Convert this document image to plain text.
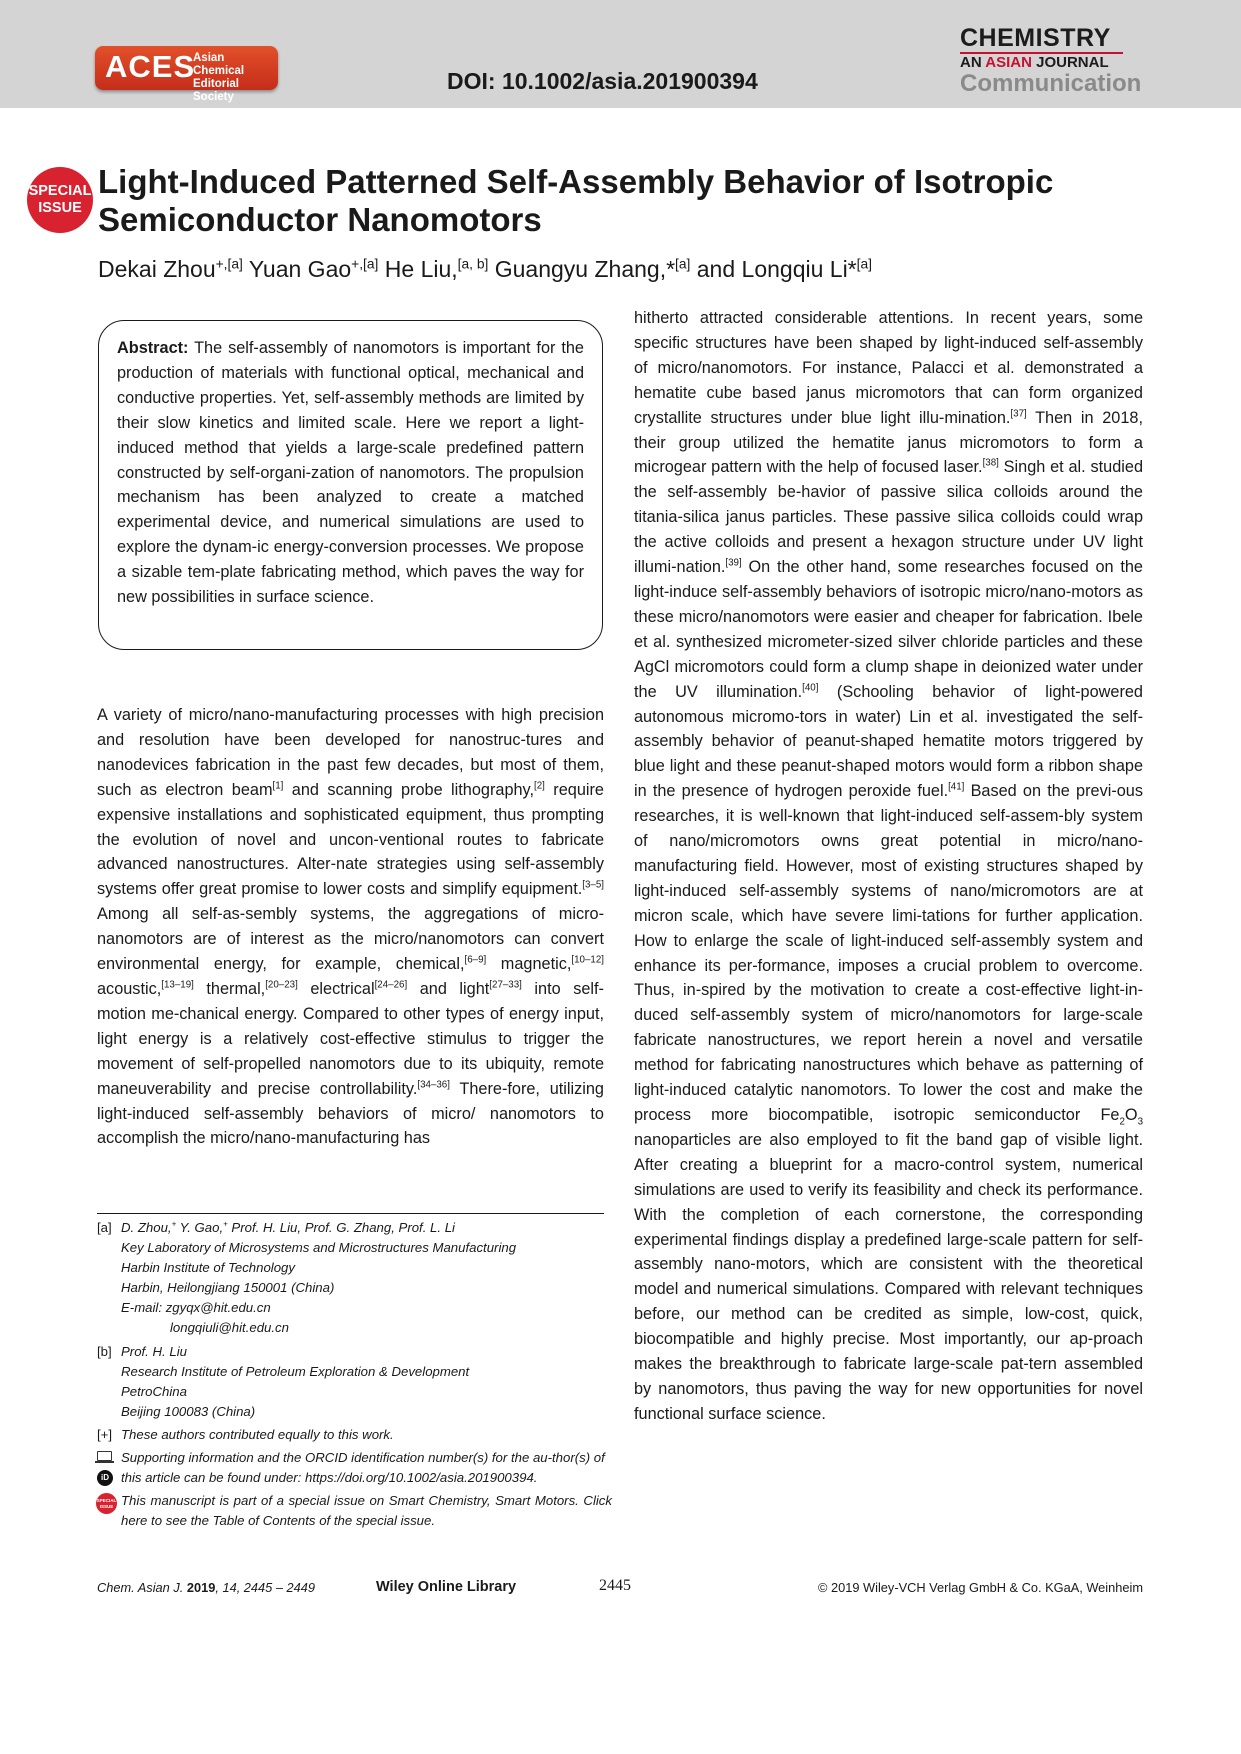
ACES
Asian Chemical
Editorial Society
DOI: 10.1002/asia.201900394
CHEMISTRY
AN ASIAN JOURNAL
Communication
SPECIAL
ISSUE
Light-Induced Patterned Self-Assembly Behavior of Isotropic
Semiconductor Nanomotors
Dekai Zhou$^{+,[a]}$ Yuan Gao$^{+,[a]}$ He Liu,[a, b] Guangyu Zhang,*[a] and Longqiu Li*[a]

Abstract: The self-assembly of nanomotors is important for the production of materials with functional optical, mechanical and conductive properties. Yet, self-assembly methods are limited by their slow kinetics and limited scale. Here we report a light-induced method that yields a large-scale predefined pattern constructed by self-organi-zation of nanomotors. The propulsion mechanism has been analyzed to create a matched experimental device, and numerical simulations are used to explore the dynam-ic energy-conversion processes. We propose a sizable tem-plate fabricating method, which paves the way for new possibilities in surface science.

A variety of micro/nano-manufacturing processes with high precision and resolution have been developed for nanostruc-tures and nanodevices fabrication in the past few decades, but most of them, such as electron beam[1] and scanning probe lithography,[2] require expensive installations and sophisticated equipment, thus prompting the evolution of novel and uncon-ventional routes to fabricate advanced nanostructures. Alter-nate strategies using self-assembly systems offer great promise to lower costs and simplify equipment.[3–5] Among all self-as-sembly systems, the aggregations of micro-nanomotors are of interest as the micro/nanomotors can convert environmental energy, for example, chemical,[6–9] magnetic,[10–12] acoustic,[13–19] thermal,[20–23] electrical[24–26] and light[27–33] into self-motion me-chanical energy. Compared to other types of energy input, light energy is a relatively cost-effective stimulus to trigger the movement of self-propelled nanomotors due to its ubiquity, remote maneuverability and precise controllability.[34–36] There-fore, utilizing light-induced self-assembly behaviors of micro/ nanomotors to accomplish the micro/nano-manufacturing has

hitherto attracted considerable attentions. In recent years, some specific structures have been shaped by light-induced self-assembly of micro/nanomotors. For instance, Palacci et al. demonstrated a hematite cube based janus micromotors that can form organized crystallite structures under blue light illu-mination.[37] Then in 2018, their group utilized the hematite janus micromotors to form a microgear pattern with the help of focused laser.[38] Singh et al. studied the self-assembly be-havior of passive silica colloids around the titania-silica janus particles. These passive silica colloids could wrap the active colloids and present a hexagon structure under UV light illumi-nation.[39] On the other hand, some researches focused on the light-induce self-assembly behaviors of isotropic micro/nano-motors as these micro/nanomotors were easier and cheaper for fabrication. Ibele et al. synthesized micrometer-sized silver chloride particles and these AgCl micromotors could form a clump shape in deionized water under the UV illumination.[40] (Schooling behavior of light-powered autonomous micromo-tors in water) Lin et al. investigated the self-assembly behavior of peanut-shaped hematite motors triggered by blue light and these peanut-shaped motors would form a ribbon shape in the presence of hydrogen peroxide fuel.[41] Based on the previ-ous researches, it is well-known that light-induced self-assem-bly system of nano/micromotors owns great potential in micro/nano-manufacturing field. However, most of existing structures shaped by light-induced self-assembly systems of nano/micromotors are at micron scale, which have severe limi-tations for further application. How to enlarge the scale of light-induced self-assembly system and enhance its per-formance, imposes a crucial problem to overcome. Thus, in-spired by the motivation to create a cost-effective light-in-duced self-assembly system of micro/nanomotors for large-scale fabricate nanostructures, we report herein a novel and versatile method for fabricating nanostructures which behave as patterning of light-induced catalytic nanomotors. To lower the cost and make the process more biocompatible, isotropic semiconductor $Fe_2O_3$ nanoparticles are also employed to fit the band gap of visible light. After creating a blueprint for a macro-control system, numerical simulations are used to verify its feasibility and check its performance. With the completion of each cornerstone, the corresponding experimental findings display a predefined large-scale pattern for self-assembly nano-motors, which are consistent with the theoretical model and numerical simulations. Compared with relevant techniques before, our method can be credited as simple, low-cost, quick, biocompatible and highly precise. Most importantly, our ap-proach makes the breakthrough to fabricate large-scale pat-tern assembled by nanomotors, thus paving the way for new opportunities for novel functional surface science.

[a] D. Zhou,+ Y. Gao,+ Prof. H. Liu, Prof. G. Zhang, Prof. L. Li
Key Laboratory of Microsystems and Microstructures Manufacturing
Harbin Institute of Technology
Harbin, Heilongjiang 150001 (China)
E-mail: zgyqx@hit.edu.cn
longqiuli@hit.edu.cn
[b] Prof. H. Liu
Research Institute of Petroleum Exploration & Development
PetroChina
Beijing 100083 (China)
[+] These authors contributed equally to this work.
iD
Supporting information and the ORCID identification number(s) for the au-thor(s) of this article can be found under: https://doi.org/10.1002/asia.201900394.
SPECIAL
ISSUE This manuscript is part of a special issue on Smart Chemistry, Smart Motors. Click here to see the Table of Contents of the special issue.
Chem. Asian J. 2019, 14, 2445 – 2449	Wiley Online Library	2445	© 2019 Wiley-VCH Verlag GmbH & Co. KGaA, Weinheim
